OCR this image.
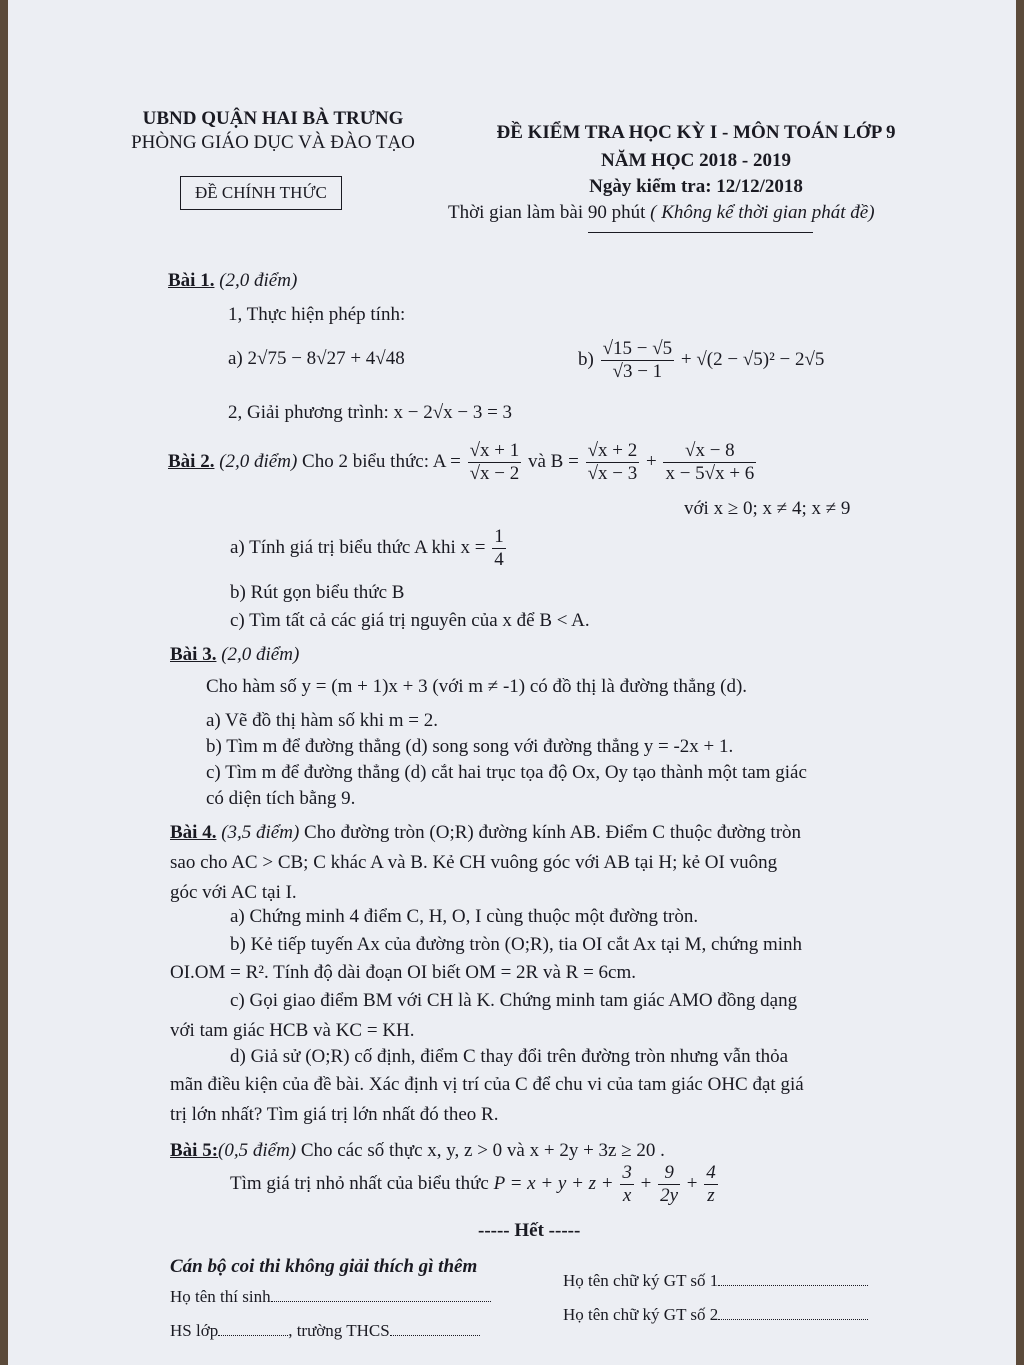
UBND QUẬN HAI BÀ TRƯNG
PHÒNG GIÁO DỤC VÀ ĐÀO TẠO
ĐỀ CHÍNH THỨC
ĐỀ KIỂM TRA HỌC KỲ I - MÔN TOÁN LỚP 9
NĂM HỌC 2018 - 2019
Ngày kiểm tra: 12/12/2018
Thời gian làm bài 90 phút ( Không kể thời gian phát đề)
Bài 1. (2,0 điểm)
1, Thực hiện phép tính:
a) 2√75 − 8√27 + 4√48	$b) \frac{√15 - √5}{√3 - 1} + √(2 - √5)^2 - 2√5$
2, Giải phương trình: x − 2√x − 3 = 3
Bài 2. (2,0 điểm) Cho 2 biểu thức: $A = \frac{√x + 1}{√x - 2}$ và $B = \frac{√x + 2}{√x - 3} + \frac{√x - 8}{x - 5√x + 6}$
với x ≥ 0; x ≠ 4; x ≠ 9
a) Tính giá trị biểu thức A khi $x = \frac{1}{4}$
b) Rút gọn biểu thức B
c) Tìm tất cả các giá trị nguyên của x để B < A.
Bài 3. (2,0 điểm)
Cho hàm số y = (m + 1)x + 3 (với m ≠ -1) có đồ thị là đường thẳng (d).
a) Vẽ đồ thị hàm số khi m = 2.
b) Tìm m để đường thẳng (d) song song với đường thẳng y = -2x + 1.
c) Tìm m để đường thẳng (d) cắt hai trục tọa độ Ox, Oy tạo thành một tam giác
có diện tích bằng 9.
Bài 4. (3,5 điểm) Cho đường tròn (O;R) đường kính AB. Điểm C thuộc đường tròn
sao cho AC > CB; C khác A và B. Kẻ CH vuông góc với AB tại H; kẻ OI vuông
góc với AC tại I.
a) Chứng minh 4 điểm C, H, O, I cùng thuộc một đường tròn.
b) Kẻ tiếp tuyến Ax của đường tròn (O;R), tia OI cắt Ax tại M, chứng minh
OI.OM = R². Tính độ dài đoạn OI biết OM = 2R và R = 6cm.
c) Gọi giao điểm BM với CH là K. Chứng minh tam giác AMO đồng dạng
với tam giác HCB và KC = KH.
d) Giả sử (O;R) cố định, điểm C thay đổi trên đường tròn nhưng vẫn thỏa
mãn điều kiện của đề bài. Xác định vị trí của C để chu vi của tam giác OHC đạt giá
trị lớn nhất? Tìm giá trị lớn nhất đó theo R.
Bài 5:(0,5 điểm) Cho các số thực x, y, z > 0 và x + 2y + 3z ≥ 20 .
Tìm giá trị nhỏ nhất của biểu thức $P = x + y + z + \frac{3}{x} + \frac{9}{2y} + \frac{4}{z}$
----- Hết -----
Cán bộ coi thi không giải thích gì thêm
Họ tên thí sinh
HS lớp	, trường THCS
Họ tên chữ ký GT số 1
Họ tên chữ ký GT số 2
